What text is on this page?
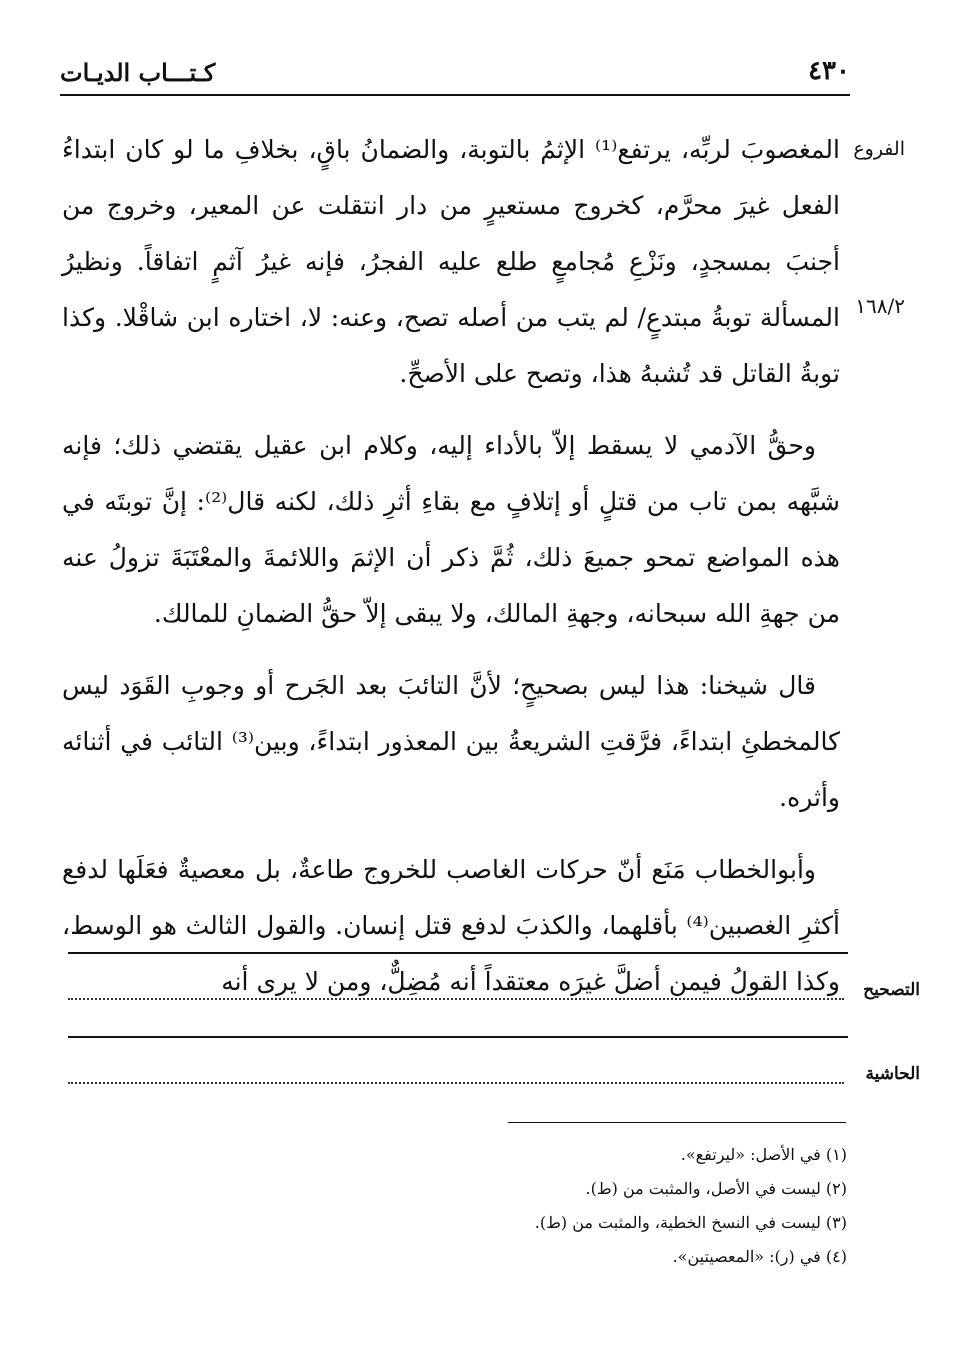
٤٣٠
كـتـــاب الديـات
الفروع
١٦٨/٢

المغصوبَ لربِّه، يرتفع⁽¹⁾ الإثمُ بالتوبة، والضمانُ باقٍ، بخلافِ ما لو كان ابتداءُ الفعل غيرَ محرَّم، كخروج مستعيرٍ من دار انتقلت عن المعير، وخروج من أجنبَ بمسجدٍ، ونَزْعِ مُجامعٍ طلع عليه الفجرُ، فإنه غيرُ آثمٍ اتفاقاً. ونظيرُ المسألة توبةُ مبتدعٍ/ لم يتب من أصله تصح، وعنه: لا، اختاره ابن شاقْلا. وكذا توبةُ القاتل قد تُشبهُ هذا، وتصح على الأصحِّ.

وحقُّ الآدمي لا يسقط إلاّ بالأداء إليه، وكلام ابن عقيل يقتضي ذلك؛ فإنه شبَّهه بمن تاب من قتلٍ أو إتلافٍ مع بقاءِ أثرِ ذلك، لكنه قال⁽²⁾: إنَّ توبتَه في هذه المواضع تمحو جميعَ ذلك، ثُمَّ ذكر أن الإثمَ واللائمةَ والمعْتَبَةَ تزولُ عنه من جهةِ الله سبحانه، وجهةِ المالك، ولا يبقى إلاّ حقُّ الضمانِ للمالك.

قال شيخنا: هذا ليس بصحيحٍ؛ لأنَّ التائبَ بعد الجَرح أو وجوبِ القَوَد ليس كالمخطئِ ابتداءً، فرَّقتِ الشريعةُ بين المعذور ابتداءً، وبين⁽³⁾ التائب في أثنائه وأثره.

وأبوالخطاب مَنَع أنّ حركات الغاصب للخروج طاعةٌ، بل معصيةٌ فعَلَها لدفع أكثرِ الغصبين⁽⁴⁾ بأقلهما، والكذبَ لدفع قتل إنسان. والقول الثالث هو الوسط، وكذا القولُ فيمن أضلَّ غيرَه معتقداً أنه مُضِلٌّ، ومن لا يرى أنه التصحيح
الحاشية
(١) في الأصل: «ليرتفع».
(٢) ليست في الأصل، والمثبت من (ط).
(٣) ليست في النسخ الخطية، والمثبت من (ط).
(٤) في (ر): «المعصيتين».
